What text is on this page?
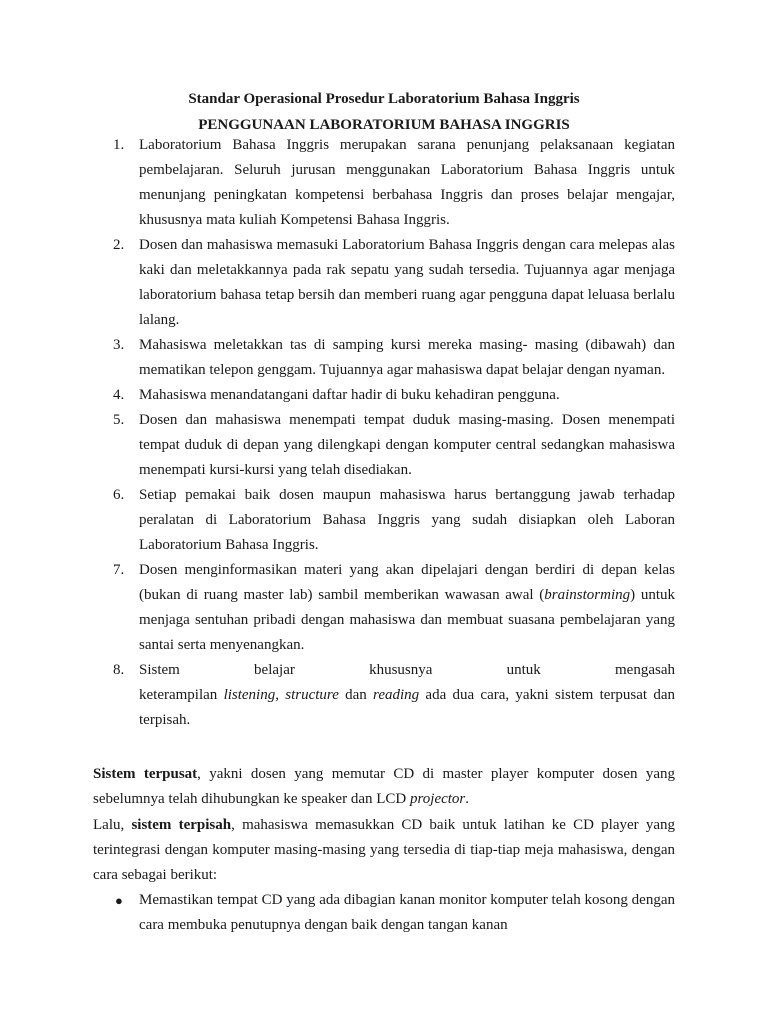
Standar Operasional Prosedur Laboratorium Bahasa Inggris
PENGGUNAAN LABORATORIUM BAHASA INGGRIS
1. Laboratorium Bahasa Inggris merupakan sarana penunjang pelaksanaan kegiatan pembelajaran. Seluruh jurusan menggunakan Laboratorium Bahasa Inggris untuk menunjang peningkatan kompetensi berbahasa Inggris dan proses belajar mengajar, khususnya mata kuliah Kompetensi Bahasa Inggris.

2. Dosen dan mahasiswa memasuki Laboratorium Bahasa Inggris dengan cara melepas alas kaki dan meletakkannya pada rak sepatu yang sudah tersedia. Tujuannya agar menjaga laboratorium bahasa tetap bersih dan memberi ruang agar pengguna dapat leluasa berlalu lalang.

3. Mahasiswa meletakkan tas di samping kursi mereka masing- masing (dibawah) dan mematikan telepon genggam. Tujuannya agar mahasiswa dapat belajar dengan nyaman.

4. Mahasiswa menandatangani daftar hadir di buku kehadiran pengguna.

5. Dosen dan mahasiswa menempati tempat duduk masing-masing. Dosen menempati tempat duduk di depan yang dilengkapi dengan komputer central sedangkan mahasiswa menempati kursi-kursi yang telah disediakan.

6. Setiap pemakai baik dosen maupun mahasiswa harus bertanggung jawab terhadap peralatan di Laboratorium Bahasa Inggris yang sudah disiapkan oleh Laboran  Laboratorium Bahasa Inggris.

7. Dosen menginformasikan materi yang akan dipelajari dengan berdiri di depan kelas (bukan di ruang master lab) sambil memberikan wawasan awal (brainstorming) untuk menjaga sentuhan pribadi dengan mahasiswa dan membuat suasana pembelajaran yang santai serta menyenangkan.

8. Sistem belajar khususnya untuk mengasah

keterampilan listening, structure dan reading ada dua cara, yakni sistem terpusat dan terpisah.

Sistem terpusat, yakni dosen yang memutar CD di master player komputer dosen yang sebelumnya telah dihubungkan ke speaker dan LCD projector.

Lalu, sistem terpisah, mahasiswa memasukkan CD baik untuk latihan ke CD player yang terintegrasi dengan komputer masing-masing yang tersedia di tiap-tiap meja mahasiswa, dengan cara sebagai berikut:

● Memastikan tempat CD yang ada dibagian kanan monitor komputer telah kosong dengan cara membuka penutupnya dengan baik dengan tangan kanan
